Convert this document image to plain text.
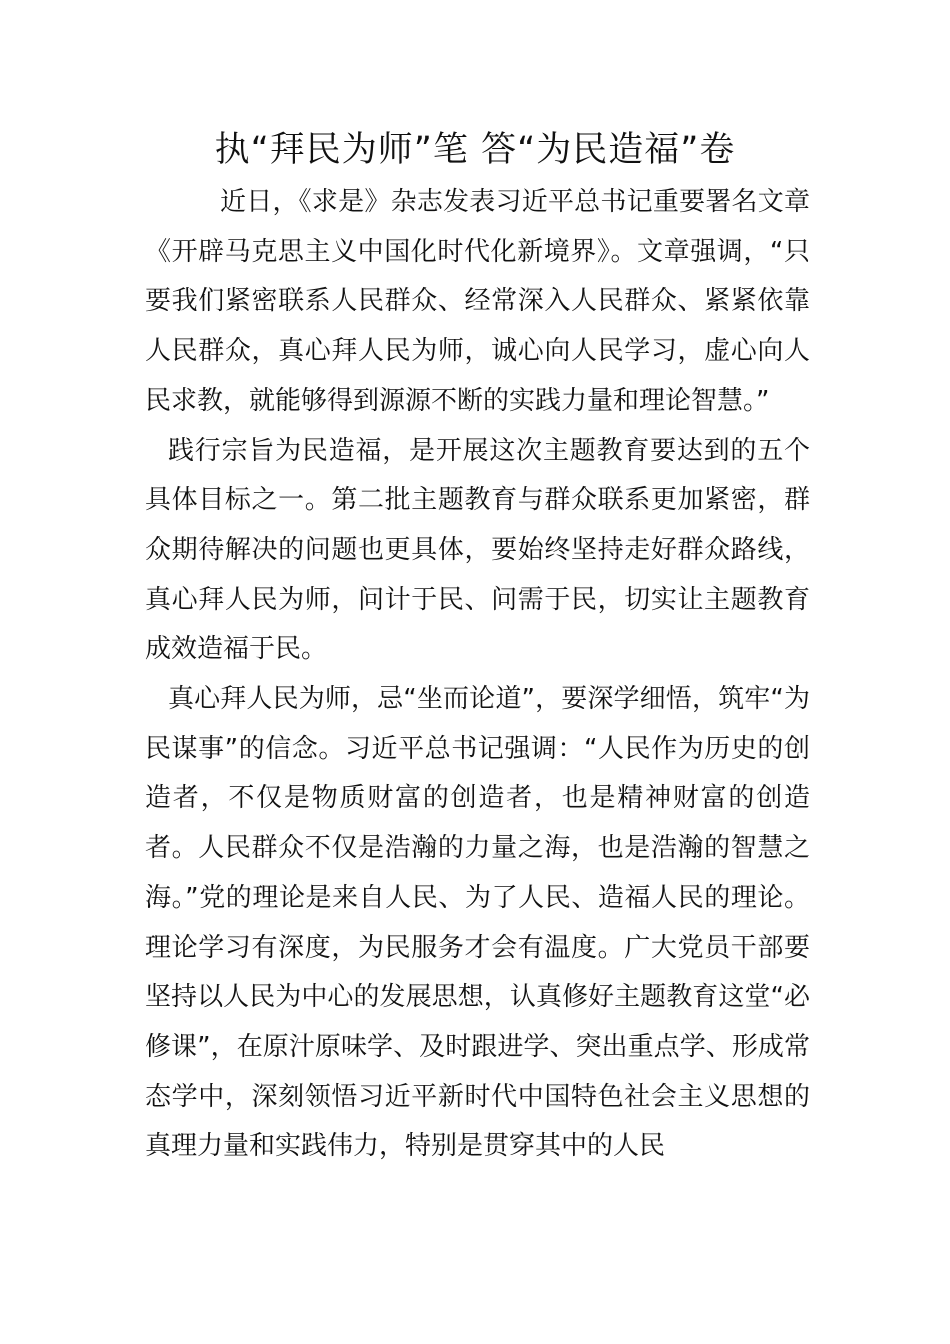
执“拜民为师”笔 答“为民造福”卷

近日，《求是》杂志发表习近平总书记重要署名文章《开辟马克思主义中国化时代化新境界》。文章强调，“只要我们紧密联系人民群众、经常深入人民群众、紧紧依靠人民群众，真心拜人民为师，诚心向人民学习，虚心向人民求教，就能够得到源源不断的实践力量和理论智慧。”

践行宗旨为民造福，是开展这次主题教育要达到的五个具体目标之一。第二批主题教育与群众联系更加紧密，群众期待解决的问题也更具体，要始终坚持走好群众路线，真心拜人民为师，问计于民、问需于民，切实让主题教育成效造福于民。

真心拜人民为师，忌“坐而论道”，要深学细悟，筑牢“为民谋事”的信念。习近平总书记强调：“人民作为历史的创造者，不仅是物质财富的创造者，也是精神财富的创造者。人民群众不仅是浩瀚的力量之海，也是浩瀚的智慧之海。”党的理论是来自人民、为了人民、造福人民的理论。理论学习有深度，为民服务才会有温度。广大党员干部要坚持以人民为中心的发展思想，认真修好主题教育这堂“必修课”，在原汁原味学、及时跟进学、突出重点学、形成常态学中，深刻领悟习近平新时代中国特色社会主义思想的真理力量和实践伟力，特别是贯穿其中的人民
